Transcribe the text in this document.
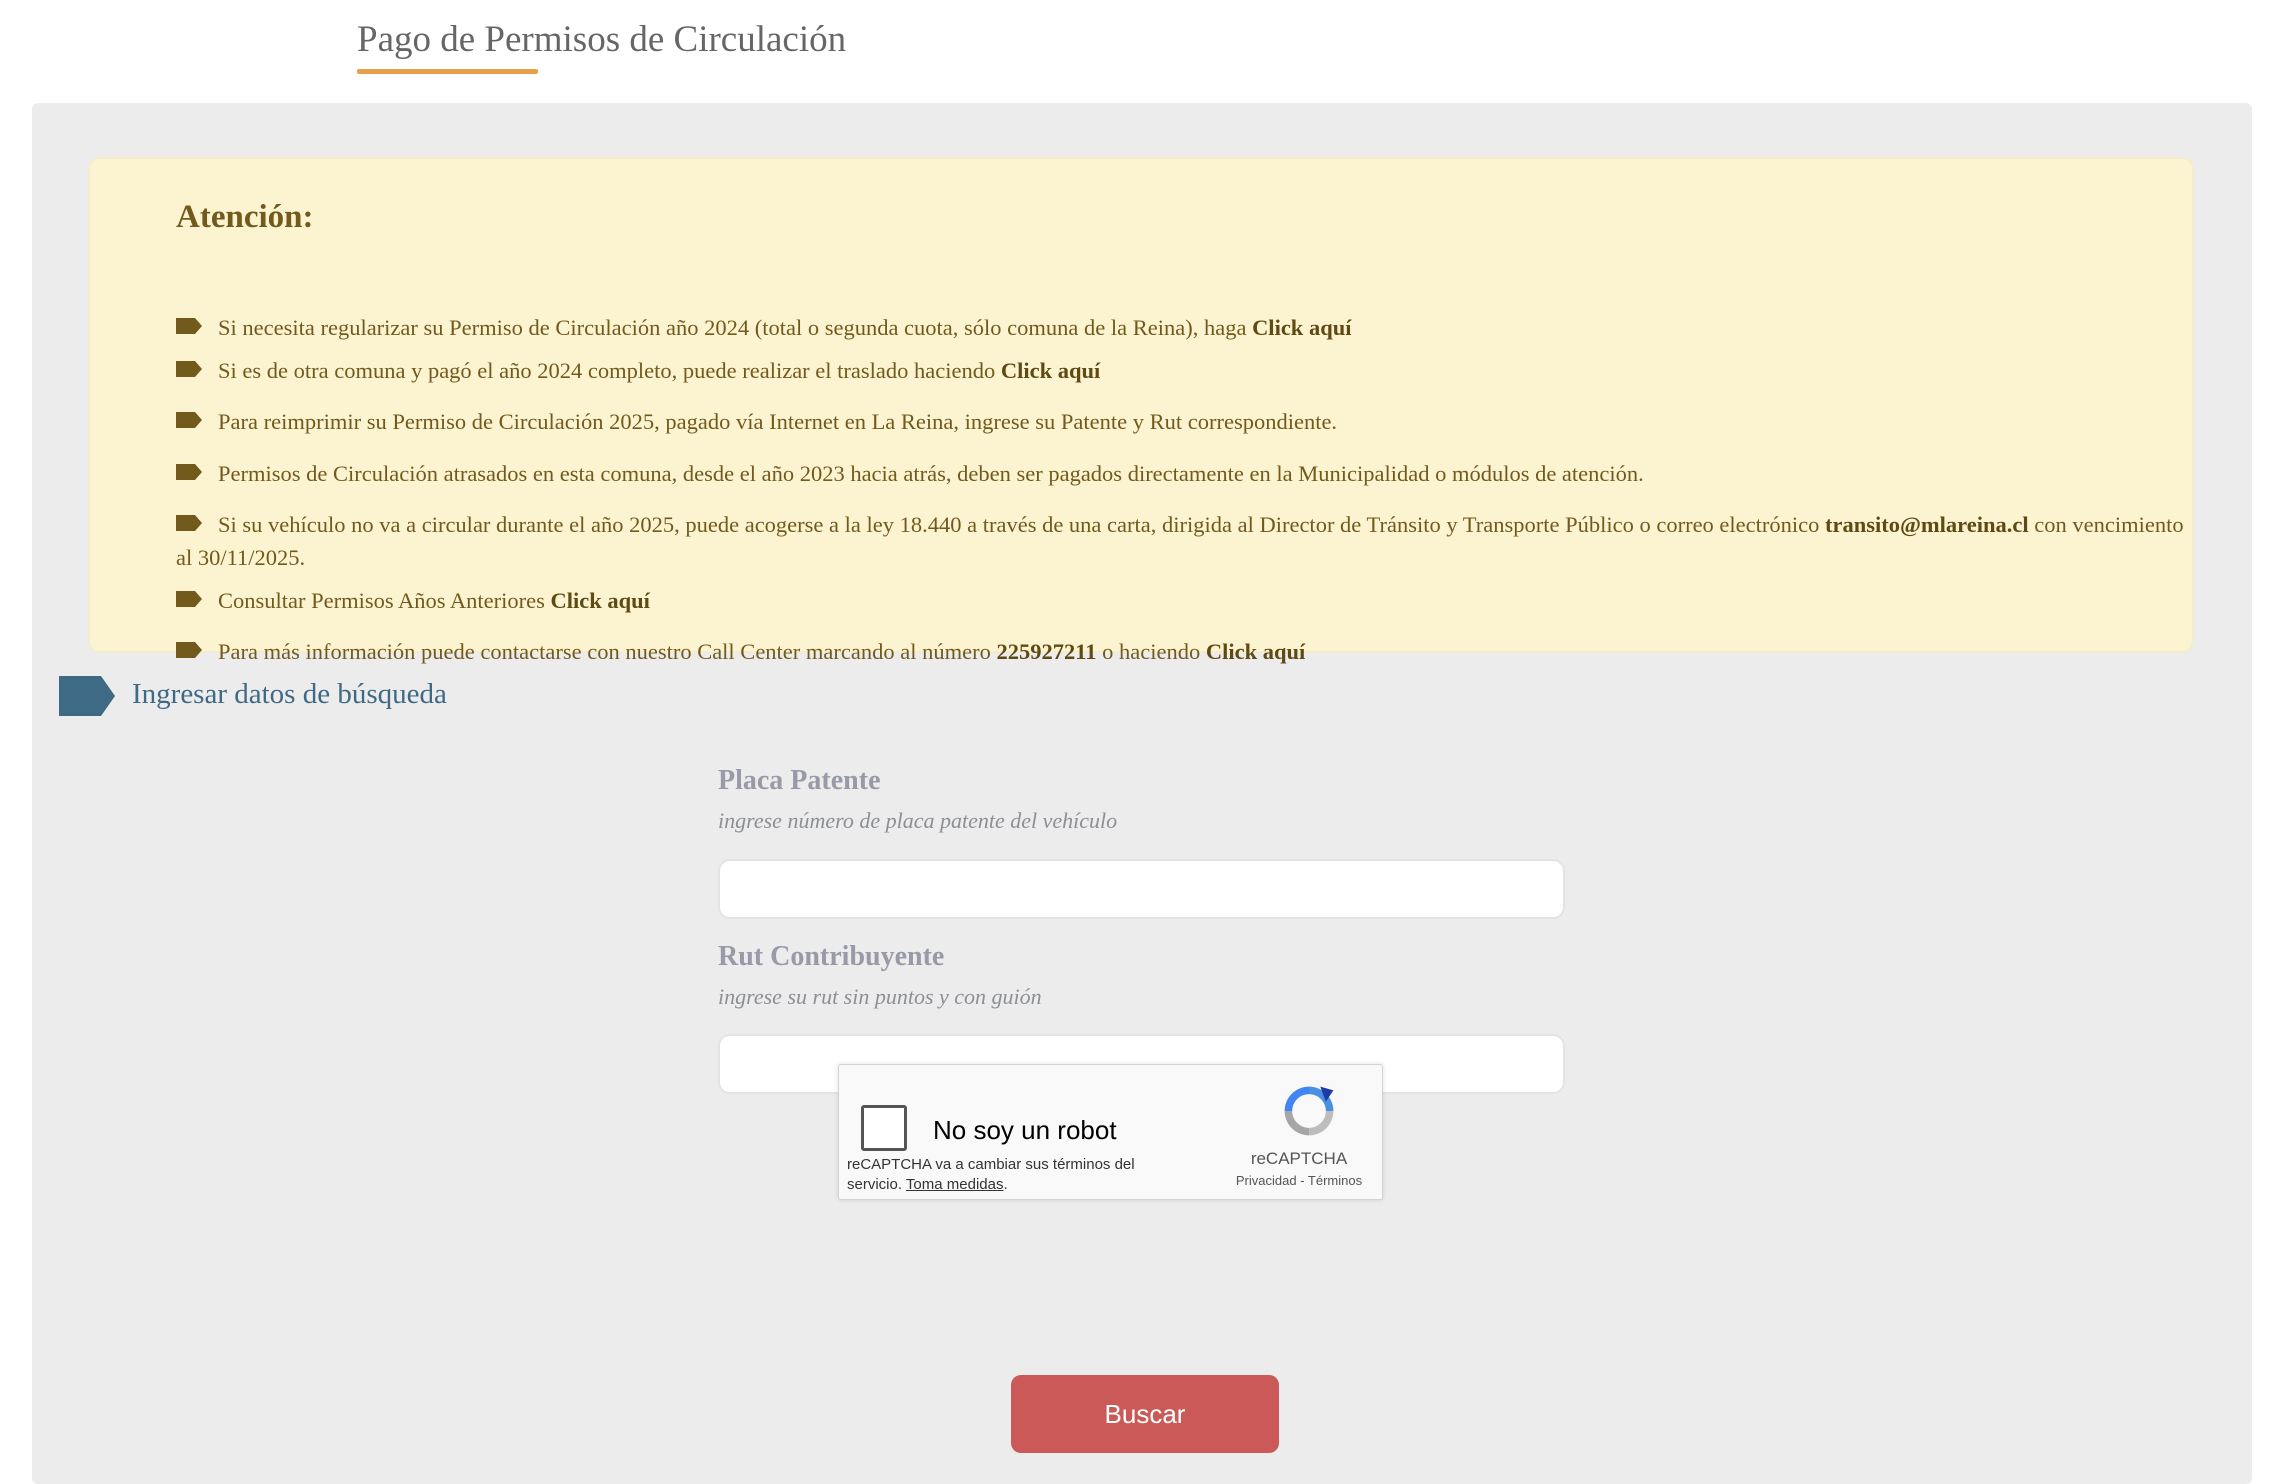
Pago de Permisos de Circulación
Atención:
Si necesita regularizar su Permiso de Circulación año 2024 (total o segunda cuota, sólo comuna de la Reina), haga Click aquí
Si es de otra comuna y pagó el año 2024 completo, puede realizar el traslado haciendo Click aquí
Para reimprimir su Permiso de Circulación 2025, pagado vía Internet en La Reina, ingrese su Patente y Rut correspondiente.
Permisos de Circulación atrasados en esta comuna, desde el año 2023 hacia atrás, deben ser pagados directamente en la Municipalidad o módulos de atención.
Si su vehículo no va a circular durante el año 2025, puede acogerse a la ley 18.440 a través de una carta, dirigida al Director de Tránsito y Transporte Público o correo electrónico transito@mlareina.cl con vencimiento al 30/11/2025.
Consultar Permisos Años Anteriores Click aquí
Para más información puede contactarse con nuestro Call Center marcando al número 225927211 o haciendo Click aquí
Ingresar datos de búsqueda
Placa Patente
ingrese número de placa patente del vehículo
Rut Contribuyente
ingrese su rut sin puntos y con guión
No soy un robot
reCAPTCHA va a cambiar sus términos del servicio. Toma medidas.
reCAPTCHA
Privacidad - Términos
Buscar
